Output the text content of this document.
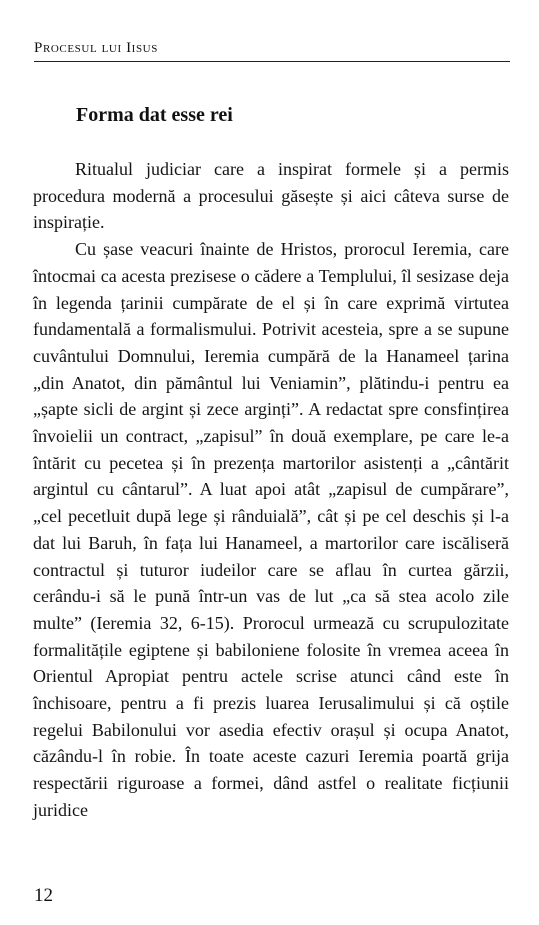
Procesul lui Iisus
Forma dat esse rei

Ritualul judiciar care a inspirat formele și a permis procedura modernă a procesului găsește și aici câteva surse de inspirație.

Cu șase veacuri înainte de Hristos, prorocul Ieremia, care întocmai ca acesta prezisese o cădere a Templului, îl sesizase deja în legenda țarinii cumpărate de el și în care exprimă virtutea fundamentală a formalismului. Potrivit acesteia, spre a se supune cuvântului Domnului, Ieremia cumpără de la Hanameel țarina „din Anatot, din pământul lui Veniamin”, plătindu-i pentru ea „șapte sicli de argint și zece arginți”. A redactat spre consfințirea învoielii un contract, „zapisul” în două exemplare, pe care le-a întărit cu pecetea și în prezența martorilor asistenți a „cântărit argintul cu cântarul”. A luat apoi atât „zapisul de cumpărare”, „cel pecetluit după lege și rânduială”, cât și pe cel deschis și l-a dat lui Baruh, în fața lui Hanameel, a martorilor care iscăliseră contractul și tuturor iudeilor care se aflau în curtea gărzii, cerându-i să le pună într-un vas de lut „ca să stea acolo zile multe” (Ieremia 32, 6-15). Prorocul urmează cu scrupulozitate formalitățile egiptene și babiloniene folosite în vremea aceea în Orientul Apropiat pentru actele scrise atunci când este în închisoare, pentru a fi prezis luarea Ierusalimului și că oștile regelui Babilonului vor asedia efectiv orașul și ocupa Anatot, căzându-l în robie. În toate aceste cazuri Ieremia poartă grija respectării riguroase a formei, dând astfel o realitate ficțiunii juridice

12
